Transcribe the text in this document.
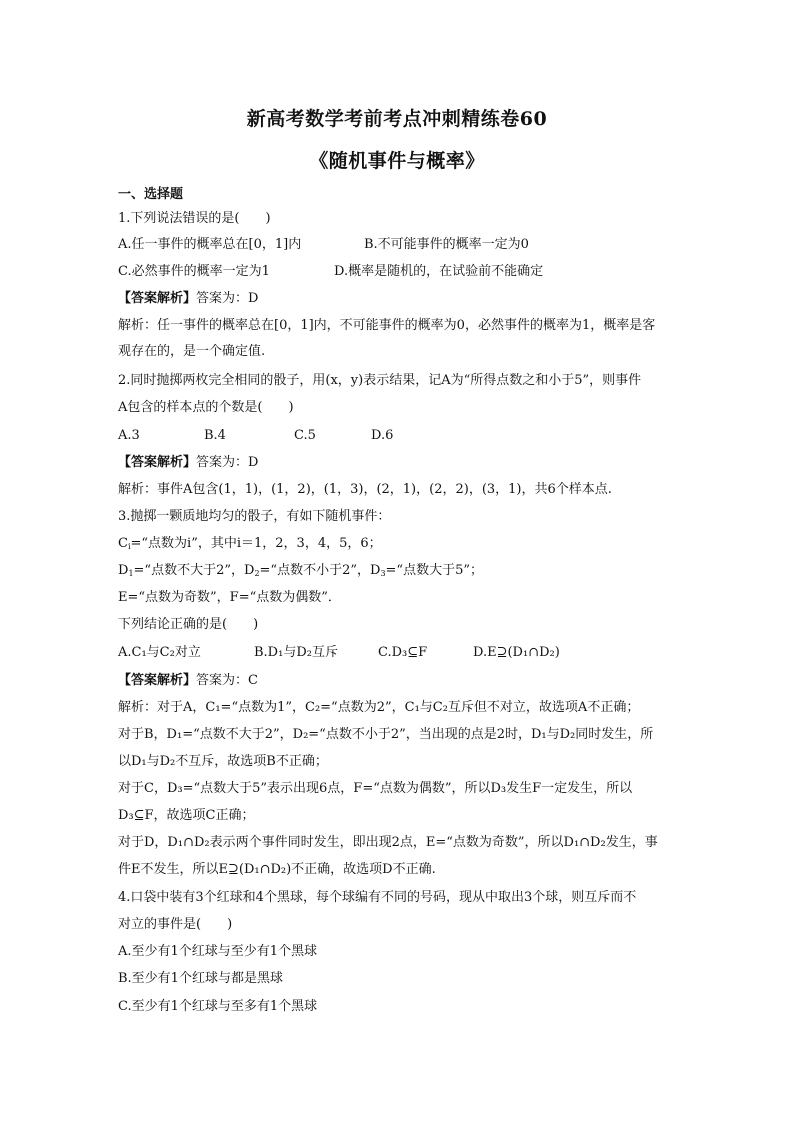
新高考数学考前考点冲刺精练卷60
《随机事件与概率》
一、选择题
1.下列说法错误的是(　　)
A.任一事件的概率总在[0，1]内	B.不可能事件的概率一定为0
C.必然事件的概率一定为1	D.概率是随机的，在试验前不能确定
【答案解析】答案为：D
解析：任一事件的概率总在[0，1]内，不可能事件的概率为0，必然事件的概率为1，概率是客
观存在的，是一个确定值.
2.同时抛掷两枚完全相同的骰子，用(x，y)表示结果，记A为“所得点数之和小于5”，则事件
A包含的样本点的个数是(　　)
A.3	B.4	C.5	D.6
【答案解析】答案为：D
解析：事件A包含(1，1)，(1，2)，(1，3)，(2，1)，(2，2)，(3，1)，共6个样本点.
3.抛掷一颗质地均匀的骰子，有如下随机事件：
$C_i=“$点数为i”，其中i＝1，2，3，4，5，6；
$D_1=“$点数不大于2”，$D_2=“$点数不小于2”，$D_3=“$点数大于5”；
E=“点数为奇数”，F=“点数为偶数”．
下列结论正确的是(　　)
A.C₁与C₂对立	B.D₁与D₂互斥	C.D₃⊆F	D.E⊇(D₁∩D₂)
【答案解析】答案为：C
解析：对于A，C₁=“点数为1”，C₂=“点数为2”，C₁与C₂互斥但不对立，故选项A不正确；
对于B，D₁=“点数不大于2”，D₂=“点数不小于2”，当出现的点是2时，D₁与D₂同时发生，所
以D₁与D₂不互斥，故选项B不正确；
对于C，D₃=“点数大于5”表示出现6点，F=“点数为偶数”，所以D₃发生F一定发生，所以
D₃⊆F，故选项C正确；
对于D，D₁∩D₂表示两个事件同时发生，即出现2点，E=“点数为奇数”，所以D₁∩D₂发生，事
件E不发生，所以E⊇(D₁∩D₂)不正确，故选项D不正确.
4.口袋中装有3个红球和4个黑球，每个球编有不同的号码，现从中取出3个球，则互斥而不
对立的事件是(　　)
A.至少有1个红球与至少有1个黑球
B.至少有1个红球与都是黑球
C.至少有1个红球与至多有1个黑球
